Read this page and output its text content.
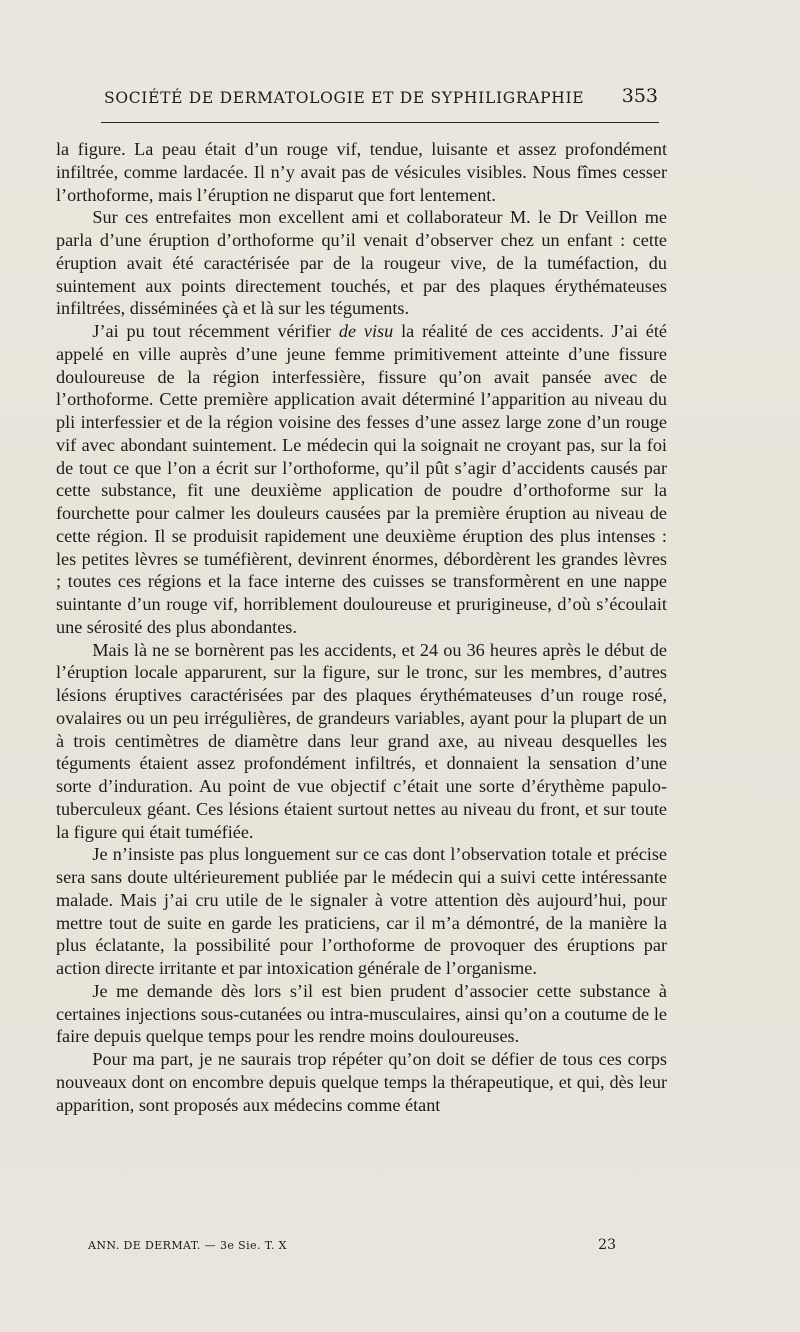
SOCIÉTÉ DE DERMATOLOGIE ET DE SYPHILIGRAPHIE 353

la figure. La peau était d’un rouge vif, tendue, luisante et assez profondément infiltrée, comme lardacée. Il n’y avait pas de vésicules visibles. Nous fîmes cesser l’orthoforme, mais l’éruption ne disparut que fort lentement.

Sur ces entrefaites mon excellent ami et collaborateur M. le Dr Veillon me parla d’une éruption d’orthoforme qu’il venait d’observer chez un enfant : cette éruption avait été caractérisée par de la rougeur vive, de la tuméfaction, du suintement aux points directement touchés, et par des plaques érythémateuses infiltrées, disséminées çà et là sur les téguments.

J’ai pu tout récemment vérifier de visu la réalité de ces accidents. J’ai été appelé en ville auprès d’une jeune femme primitivement atteinte d’une fissure douloureuse de la région interfessière, fissure qu’on avait pansée avec de l’orthoforme. Cette première application avait déterminé l’apparition au niveau du pli interfessier et de la région voisine des fesses d’une assez large zone d’un rouge vif avec abondant suintement. Le médecin qui la soignait ne croyant pas, sur la foi de tout ce que l’on a écrit sur l’orthoforme, qu’il pût s’agir d’accidents causés par cette substance, fit une deuxième application de poudre d’orthoforme sur la fourchette pour calmer les douleurs causées par la première éruption au niveau de cette région. Il se produisit rapidement une deuxième éruption des plus intenses : les petites lèvres se tuméfièrent, devinrent énormes, débordèrent les grandes lèvres ; toutes ces régions et la face interne des cuisses se transformèrent en une nappe suintante d’un rouge vif, horriblement douloureuse et prurigineuse, d’où s’écoulait une sérosité des plus abondantes.

Mais là ne se bornèrent pas les accidents, et 24 ou 36 heures après le début de l’éruption locale apparurent, sur la figure, sur le tronc, sur les membres, d’autres lésions éruptives caractérisées par des plaques érythémateuses d’un rouge rosé, ovalaires ou un peu irrégulières, de grandeurs variables, ayant pour la plupart de un à trois centimètres de diamètre dans leur grand axe, au niveau desquelles les téguments étaient assez profondément infiltrés, et donnaient la sensation d’une sorte d’induration. Au point de vue objectif c’était une sorte d’érythème papulo-tuberculeux géant. Ces lésions étaient surtout nettes au niveau du front, et sur toute la figure qui était tuméfiée.

Je n’insiste pas plus longuement sur ce cas dont l’observation totale et précise sera sans doute ultérieurement publiée par le médecin qui a suivi cette intéressante malade. Mais j’ai cru utile de le signaler à votre attention dès aujourd’hui, pour mettre tout de suite en garde les praticiens, car il m’a démontré, de la manière la plus éclatante, la possibilité pour l’orthoforme de provoquer des éruptions par action directe irritante et par intoxication générale de l’organisme.

Je me demande dès lors s’il est bien prudent d’associer cette substance à certaines injections sous-cutanées ou intra-musculaires, ainsi qu’on a coutume de le faire depuis quelque temps pour les rendre moins douloureuses.

Pour ma part, je ne saurais trop répéter qu’on doit se défier de tous ces corps nouveaux dont on encombre depuis quelque temps la thérapeutique, et qui, dès leur apparition, sont proposés aux médecins comme étant

ANN. DE DERMAT. — 3e Sie. T. X	23
